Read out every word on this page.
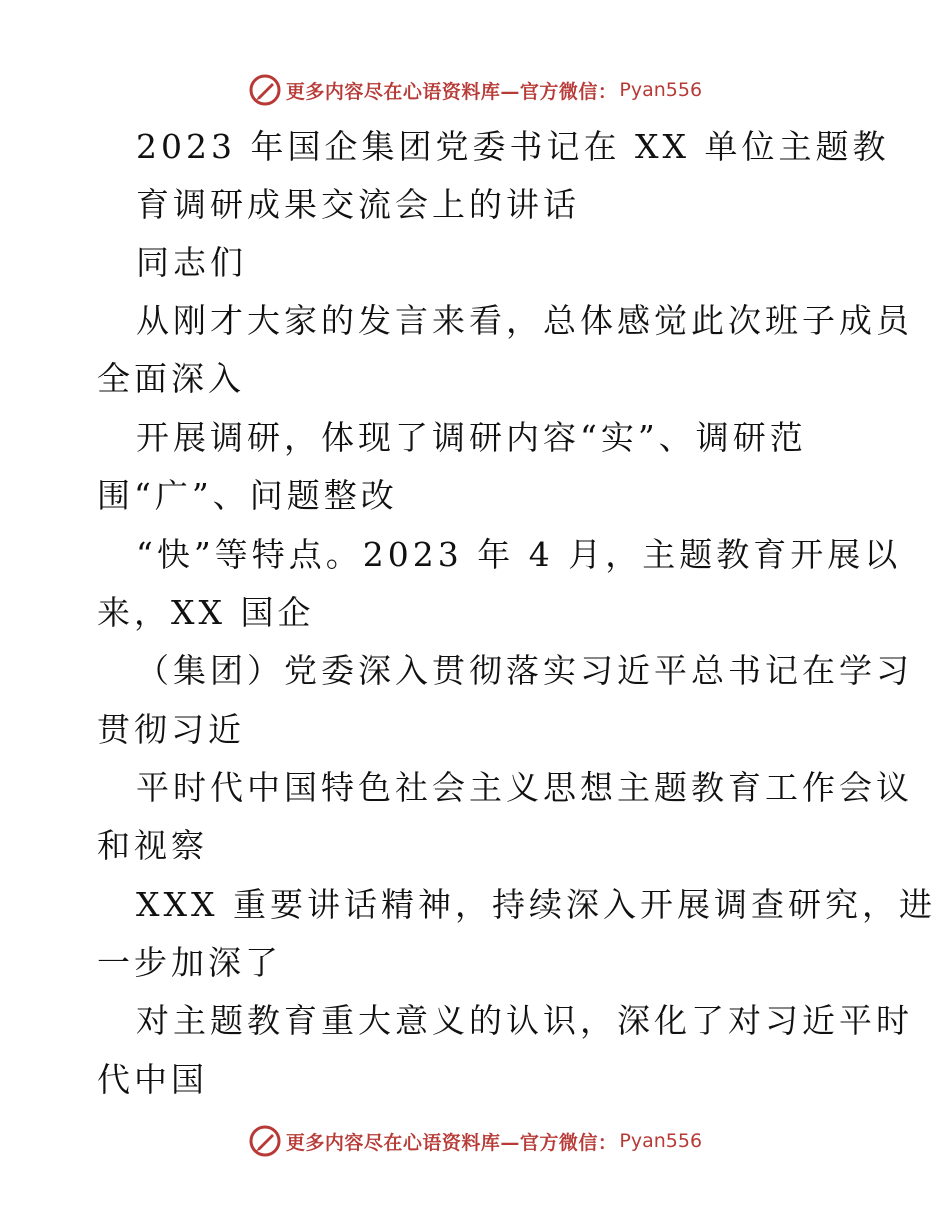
更多内容尽在心语资料库—官方微信： Pyan556
2023 年国企集团党委书记在 XX 单位主题教
育调研成果交流会上的讲话
同志们
从刚才大家的发言来看，总体感觉此次班子成员
全面深入
开展调研，体现了调研内容“实”、调研范
围“广”、问题整改
“快”等特点。2023 年 4 月，主题教育开展以
来，XX 国企
（集团）党委深入贯彻落实习近平总书记在学习
贯彻习近
平时代中国特色社会主义思想主题教育工作会议
和视察
XXX 重要讲话精神，持续深入开展调查研究，进
一步加深了
对主题教育重大意义的认识，深化了对习近平时
代中国
更多内容尽在心语资料库—官方微信： Pyan556
